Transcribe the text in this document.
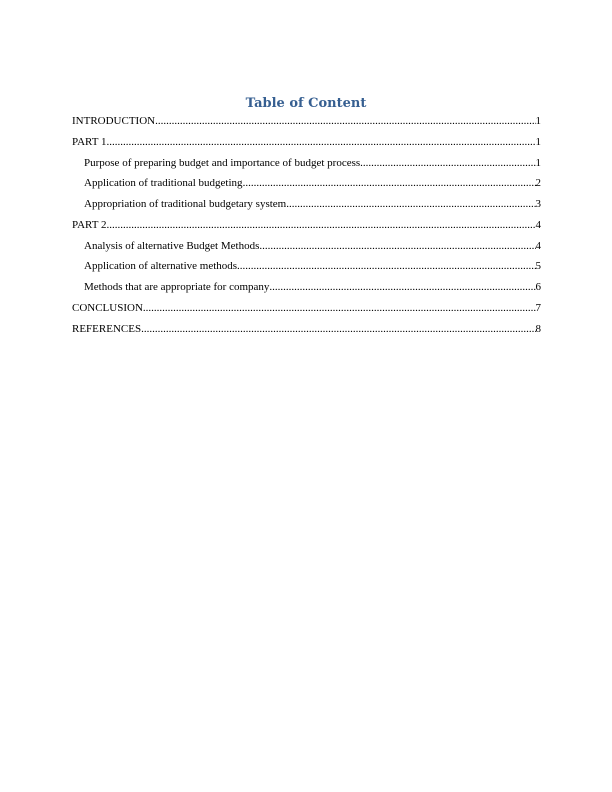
Table of Content
INTRODUCTION .....	1
PART 1 .....	1
Purpose of preparing budget and importance of budget process .....	1
Application of traditional budgeting .....	2
Appropriation of traditional budgetary system .....	3
PART 2 .....	4
Analysis of alternative Budget Methods .....	4
Application of alternative methods .....	5
Methods that are appropriate for company .....	6
CONCLUSION .....	7
REFERENCES .....	8
